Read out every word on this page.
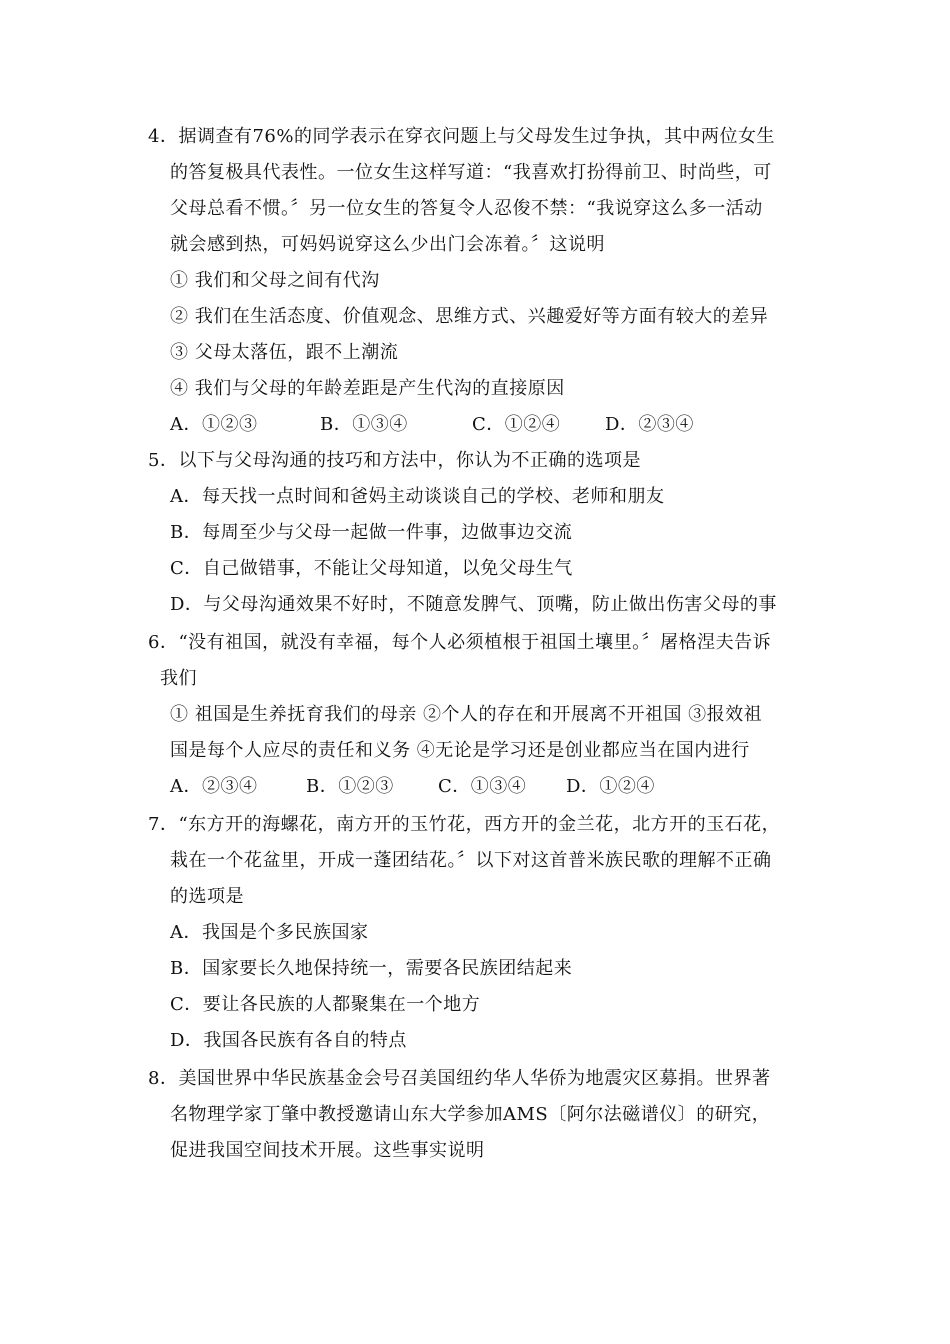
4．据调查有76%的同学表示在穿衣问题上与父母发生过争执，其中两位女生
的答复极具代表性。一位女生这样写道：“我喜欢打扮得前卫、时尚些，可
父母总看不惯。〞另一位女生的答复令人忍俊不禁：“我说穿这么多一活动
就会感到热，可妈妈说穿这么少出门会冻着。〞这说明
① 我们和父母之间有代沟
② 我们在生活态度、价值观念、思维方式、兴趣爱好等方面有较大的差异
③ 父母太落伍，跟不上潮流
④ 我们与父母的年龄差距是产生代沟的直接原因
A．①②③	B．①③④	C．①②④ D．②③④
5．以下与父母沟通的技巧和方法中，你认为不正确的选项是
A．每天找一点时间和爸妈主动谈谈自己的学校、老师和朋友
B．每周至少与父母一起做一件事，边做事边交流
C．自己做错事，不能让父母知道，以免父母生气
D．与父母沟通效果不好时，不随意发脾气、顶嘴，防止做出伤害父母的事
6．“没有祖国，就没有幸福，每个人必须植根于祖国土壤里。〞屠格涅夫告诉
我们
① 祖国是生养抚育我们的母亲 ②个人的存在和开展离不开祖国 ③报效祖
国是每个人应尽的责任和义务 ④无论是学习还是创业都应当在国内进行
A．②③④	B．①②③ C．①③④ D．①②④
7．“东方开的海螺花，南方开的玉竹花，西方开的金兰花，北方开的玉石花，
栽在一个花盆里，开成一蓬团结花。〞以下对这首普米族民歌的理解不正确
的选项是
A．我国是个多民族国家
B．国家要长久地保持统一，需要各民族团结起来
C．要让各民族的人都聚集在一个地方
D．我国各民族有各自的特点
8．美国世界中华民族基金会号召美国纽约华人华侨为地震灾区募捐。世界著
名物理学家丁肇中教授邀请山东大学参加AMS〔阿尔法磁谱仪〕的研究，
促进我国空间技术开展。这些事实说明
